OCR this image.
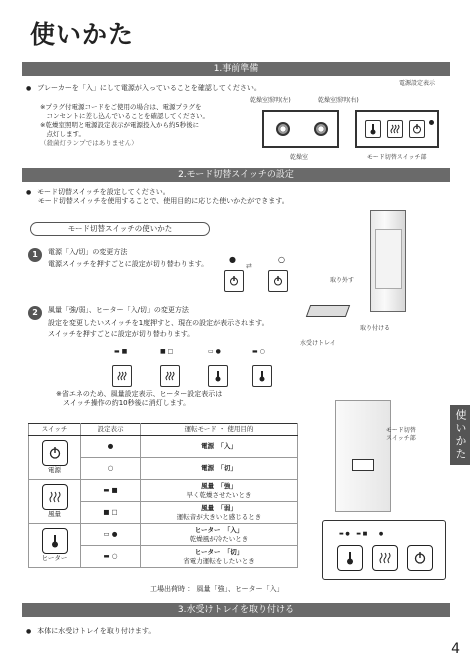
使いかた
1.事前準備
● ブレーカーを「入」にして電源が入っていることを確認してください。
※プラグ付電源コードをご使用の場合は、電源プラグを
　コンセントに差し込んでいることを確認してください。
※乾燥室照明と電源設定表示が電源投入から約5秒後に
　点灯します。
（殺菌灯ランプではありません）
電源設定表示
乾燥室照明(左)	乾燥室照明(右)
乾燥室	モード切替スイッチ部
2.モード切替スイッチの設定
● モード切替スイッチを設定してください。
モード切替スイッチを使用することで、使用目的に応じた使いかたができます。
モード切替スイッチの使いかた
1	電源「入/切」の変更方法
電源スイッチを押すごとに設定が切り替わります。	●	○
⇄
取り外す
取り付ける
水受けトレイ
2	風量「強/弱」、ヒーター「入/切」の変更方法
設定を変更したいスイッチを1度押すと、現在の設定が表示されます。
スイッチを押すごとに設定が切り替わります。
▬ ■	■ □	▭ ●	▬ ○
※省エネのため、風量設定表示、ヒーター設定表示は
　スイッチ操作の約10秒後に消灯します。
スイッチ	設定表示	運転モード ・ 使用目的

電源	●	電源　「入」
	○	電源　「切」

風量	▬ ■	風量　「強」
早く乾燥させたいとき
	■ □	風量　「弱」
運転音が大きいと感じるとき

ヒーター	▭ ●	ヒーター　「入」
乾燥風が冷たいとき
	▬ ○	ヒーター　「切」
省電力運転をしたいとき
工場出荷時 ： 風量「強」、ヒーター「入」
モード切替
スイッチ部
▬ ●　 ▬ ■　　 ●
使いかた
3.水受けトレイを取り付ける
● 本体に水受けトレイを取り付けます。
4
